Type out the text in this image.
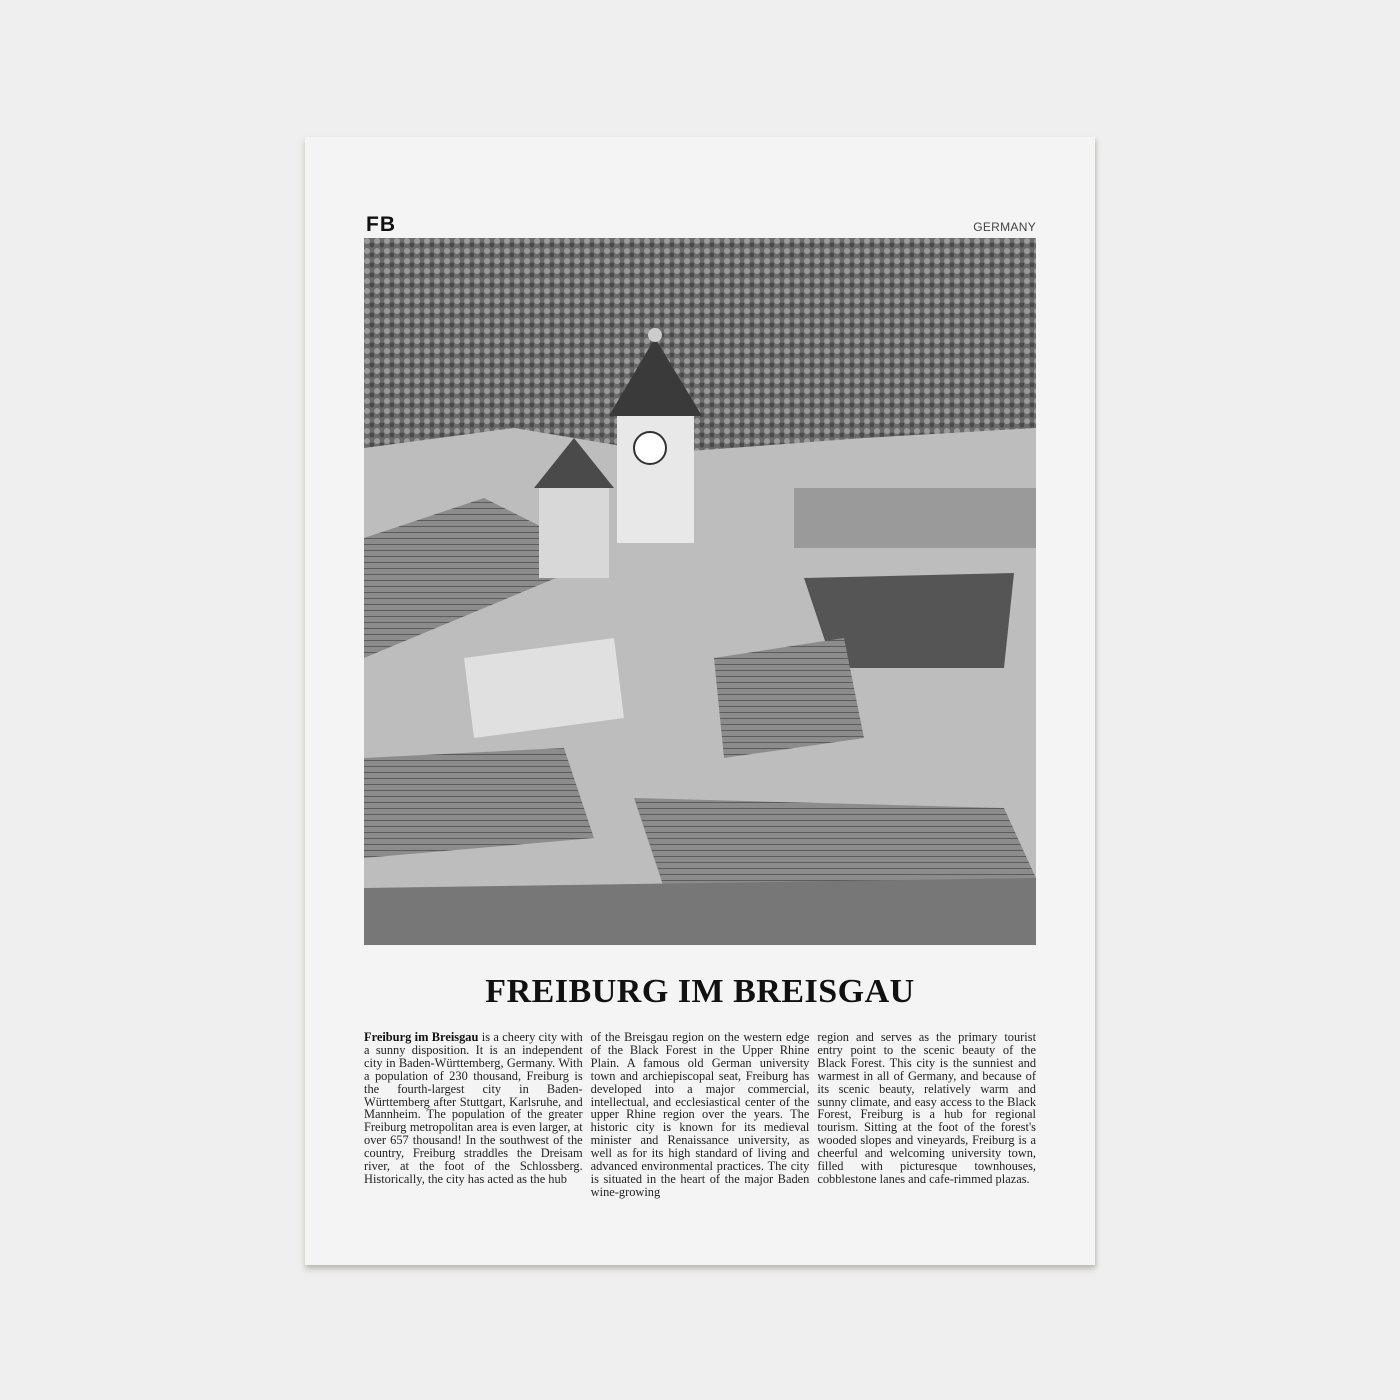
FB	GERMANY
FREIBURG IM BREISGAU
Freiburg im Breisgau is a cheery city with a sunny disposition. It is an independent city in Baden-Württemberg, Germany. With a population of 230 thousand, Freiburg is the fourth-largest city in Baden-Württemberg after Stuttgart, Karlsruhe, and Mannheim. The population of the greater Freiburg metropolitan area is even larger, at over 657 thousand! In the southwest of the country, Freiburg straddles the Dreisam river, at the foot of the Schlossberg. Historically, the city has acted as the hub
of the Breisgau region on the western edge of the Black Forest in the Upper Rhine Plain. A famous old German university town and archiepiscopal seat, Freiburg has developed into a major commercial, intellectual, and ecclesiastical center of the upper Rhine region over the years. The historic city is known for its medieval minister and Renaissance university, as well as for its high standard of living and advanced environmental practices. The city is situated in the heart of the major Baden wine-growing
region and serves as the primary tourist entry point to the scenic beauty of the Black Forest. This city is the sunniest and warmest in all of Germany, and because of its scenic beauty, relatively warm and sunny climate, and easy access to the Black Forest, Freiburg is a hub for regional tourism. Sitting at the foot of the forest's wooded slopes and vineyards, Freiburg is a cheerful and welcoming university town, filled with picturesque townhouses, cobblestone lanes and cafe-rimmed plazas.
